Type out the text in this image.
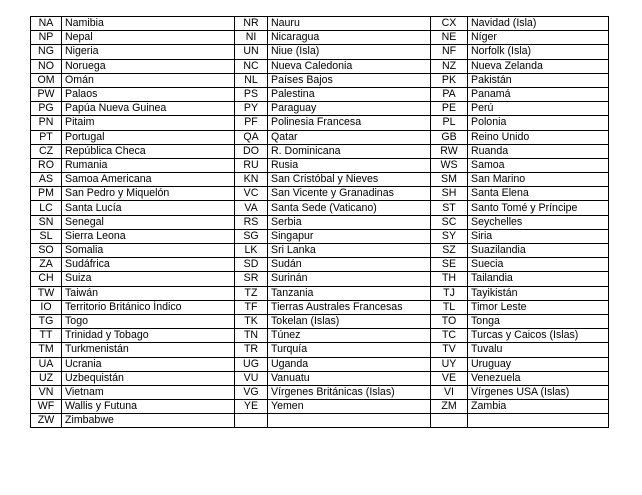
NA	Namibia	NR	Nauru	CX	Navidad (Isla)
NP	Nepal	NI	Nicaragua	NE	Níger
NG	Nigeria	UN	Niue (Isla)	NF	Norfolk (Isla)
NO	Noruega	NC	Nueva Caledonia	NZ	Nueva Zelanda
OM	Omán	NL	Países Bajos	PK	Pakistán
PW	Palaos	PS	Palestina	PA	Panamá
PG	Papúa Nueva Guinea	PY	Paraguay	PE	Perú
PN	Pitaim	PF	Polinesia Francesa	PL	Polonia
PT	Portugal	QA	Qatar	GB	Reino Unido
CZ	República Checa	DO	R. Dominicana	RW	Ruanda
RO	Rumania	RU	Rusia	WS	Samoa
AS	Samoa Americana	KN	San Cristóbal y Nieves	SM	San Marino
PM	San Pedro y Miquelón	VC	San Vicente y Granadinas	SH	Santa Elena
LC	Santa Lucía	VA	Santa Sede (Vaticano)	ST	Santo Tomé y Príncipe
SN	Senegal	RS	Serbia	SC	Seychelles
SL	Sierra Leona	SG	Singapur	SY	Siria
SO	Somalia	LK	Sri Lanka	SZ	Suazilandia
ZA	Sudáfrica	SD	Sudán	SE	Suecia
CH	Suiza	SR	Surinán	TH	Tailandia
TW	Taiwán	TZ	Tanzania	TJ	Tayikistán
IO	Territorio Británico Índico	TF	Tierras Australes Francesas	TL	Timor Leste
TG	Togo	TK	Tokelan (Islas)	TO	Tonga
TT	Trinidad y Tobago	TN	Túnez	TC	Turcas y Caicos (Islas)
TM	Turkmenistán	TR	Turquía	TV	Tuvalu
UA	Ucrania	UG	Uganda	UY	Uruguay
UZ	Uzbequistán	VU	Vanuatu	VE	Venezuela
VN	Vietnam	VG	Vírgenes Británicas (Islas)	VI	Vírgenes USA (Islas)
WF	Wallis y Futuna	YE	Yemen	ZM	Zambia
ZW	Zimbabwe				
